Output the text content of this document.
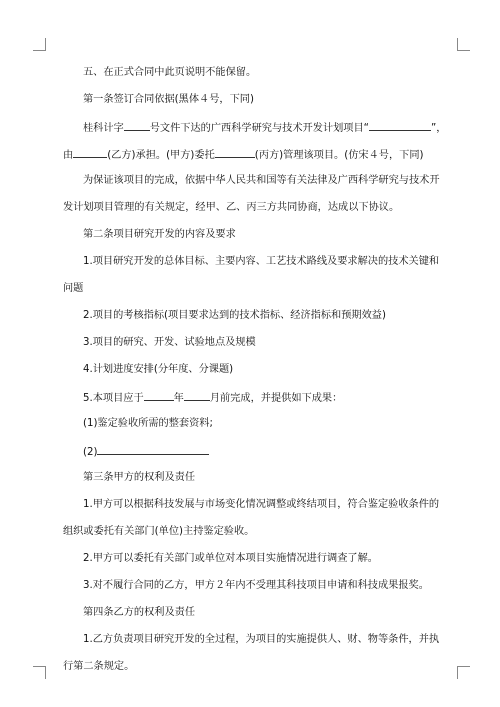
五、在正式合同中此页说明不能保留。
第一条签订合同依据(黑体４号，下同)
桂科计字	号文件下达的广西科学研究与技术开发计划项目“	”，
由	(乙方)承担。(甲方)委托	(丙方)管理该项目。(仿宋４号，下同)
为保证该项目的完成，依据中华人民共和国等有关法律及广西科学研究与技术开
发计划项目管理的有关规定，经甲、乙、丙三方共同协商，达成以下协议。
第二条项目研究开发的内容及要求
1.项目研究开发的总体目标、主要内容、工艺技术路线及要求解决的技术关键和
问题
2.项目的考核指标(项目要求达到的技术指标、经济指标和预期效益)
3.项目的研究、开发、试验地点及规模
4.计划进度安排(分年度、分课题)
5.本项目应于	年	月前完成，并提供如下成果：
(1)鉴定验收所需的整套资料;
(2)
第三条甲方的权利及责任
1.甲方可以根据科技发展与市场变化情况调整或终结项目，符合鉴定验收条件的
组织或委托有关部门(单位)主持鉴定验收。
2.甲方可以委托有关部门或单位对本项目实施情况进行调查了解。
3.对不履行合同的乙方，甲方２年内不受理其科技项目申请和科技成果报奖。
第四条乙方的权利及责任
1.乙方负责项目研究开发的全过程，为项目的实施提供人、财、物等条件，并执
行第二条规定。
